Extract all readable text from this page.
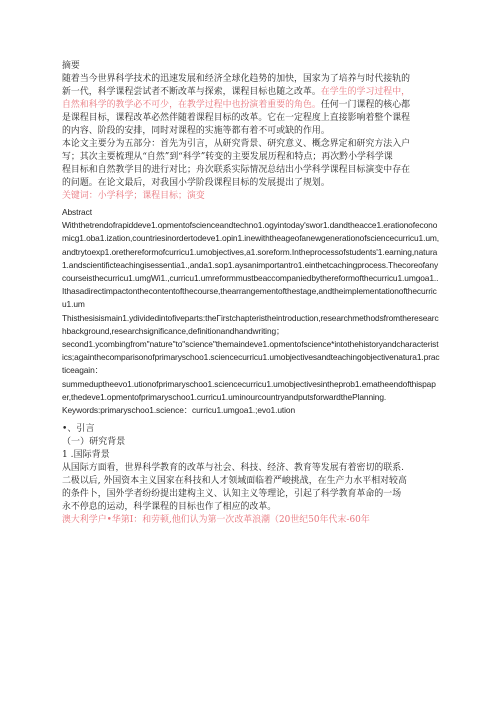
摘要

随着当今世界科学技术的迅速发展和经济全球化趋势的加快，国家为了培养与时代接轨的

新一代，科学课程尝试者不断改革与探索，课程目标也随之改革。在学生的学习过程中，

自然和科学的教学必不可少，在教学过程中也扮演着重要的角色。任何一门课程的核心都

是课程目标，课程改革必然伴随着课程目标的改革。它在一定程度上直接影响着整个课程

的内容、阶段的安排，同时对课程的实施等都有着不可或缺的作用。

本论文主要分为五部分：首先为引言，从研究背景、研究意义、概念界定和研究方法入户

写；其次主要梳理从“自然”到“科学”转变的主要发展历程和特点；再次黔小学科学课

程目标和自然教学目的进行对比；舟次联系实际情况总结出小学科学课程目标演变中存在

的问题。在论文最后，对我国小学阶段课程目标的发展提出了规划。

关键词：小学科学；课程目标；演变

Abstract

Withthetrendofrapiddeve1.opmentofscienceandtechno1.ogyintoday'swor1.dandtheacce1.erationofeconomicg1.oba1.ization,countriesinordertodeve1.opin1.inewiththeageofanewgenerationofsciencecurricu1.um,andtrytoexp1.orethereformofcurricu1.umobjectives,a1.soreform.Intheprocessofstudents'1.earning,natura1.andscientificteachingisessentia1.,anda1.sop1.aysanimportantro1.einthetcachingprocess.Thecoreofanycourseisthecurricu1.umgWi1.,curricu1.umreformmustbeaccompaniedbythereformofthecurricu1.umgoa1..Ithasadirectimpactonthecontentofthecourse,thearrangementofthestage,andtheimplementationofthecurricu1.um

Thisthesisismain1.ydividedintofiveparts:theΓirstchapteristheintroduction,researchmethodsfromtheresearchbackground,researchsignificance,definitionandhandwriting；

second1.ycombingfrom"nature"to"science"themaindeve1.opmentofscience*intothehistoryandcharacteristics;againthecomparisonofprimaryschoo1.sciencecurricu1.umobjectivesandteachingobjectivenatura1.practiceagain：

summeduptheevo1.utionofprimaryschoo1.sciencecurricu1.umobjectivesintheprob1.ematheendofthispaper,thedeve1.opmentofprimaryschoo1.curricu1.uminourcountryandputsforwardthePlanning.

Keywords:primaryschoo1.science：curricu1.umgoa1.;evo1.ution

•、引言

（一）研究背景

1 .国际背景

从国际方面看，世界科学教育的改革与社会、科技、经济、教育等发展有着密切的联系.

二极以后, 外国资本主义国家在科技和人才领域面临着严峻挑战，在生产力水平相对较高

的条件卜，国外学者纷纷提出建构主义、认知主义等理论，引起了科学教育革命的一场

永不停息的运动，科学课程的目标也作了相应的改革。

澳大利学户•华第I：和劳顿,他们认为第一次改革浪潮（20世纪50年代末-60年
